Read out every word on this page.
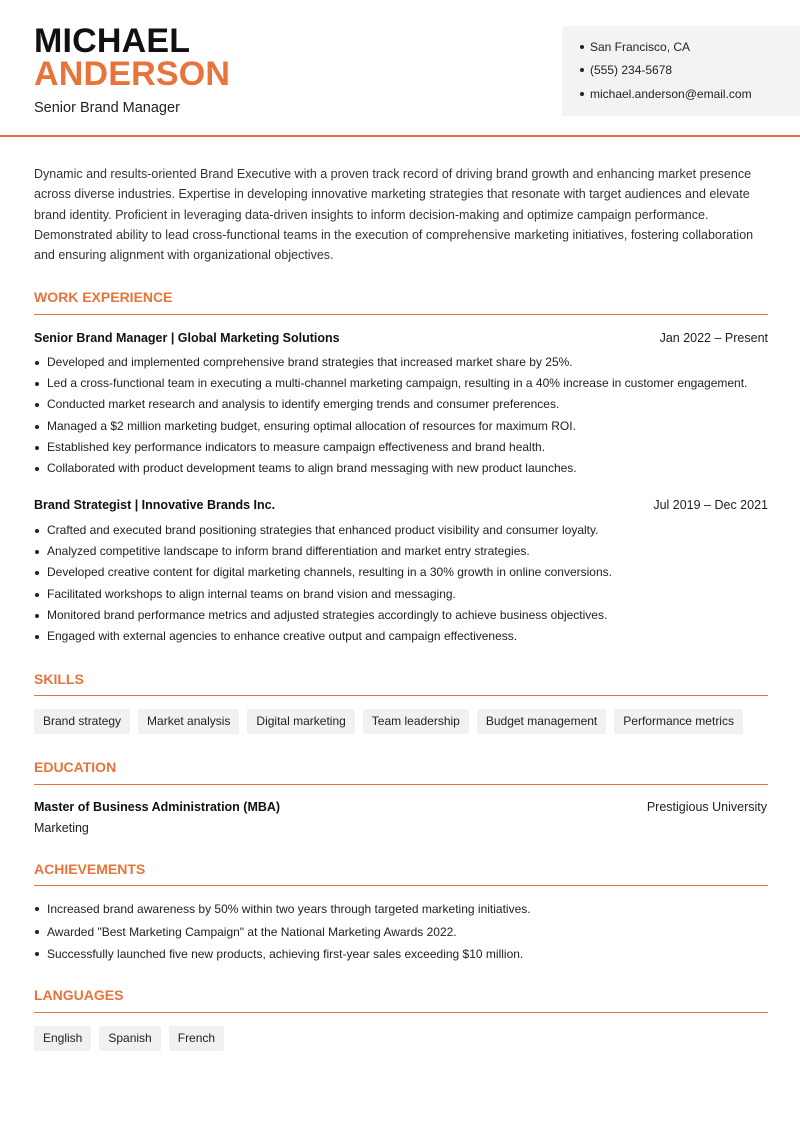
MICHAEL
ANDERSON
Senior Brand Manager
San Francisco, CA
(555) 234-5678
michael.anderson@email.com
Dynamic and results-oriented Brand Executive with a proven track record of driving brand growth and enhancing market presence across diverse industries. Expertise in developing innovative marketing strategies that resonate with target audiences and elevate brand identity. Proficient in leveraging data-driven insights to inform decision-making and optimize campaign performance. Demonstrated ability to lead cross-functional teams in the execution of comprehensive marketing initiatives, fostering collaboration and ensuring alignment with organizational objectives.
WORK EXPERIENCE
Senior Brand Manager | Global Marketing Solutions	Jan 2022 – Present
Developed and implemented comprehensive brand strategies that increased market share by 25%.
Led a cross-functional team in executing a multi-channel marketing campaign, resulting in a 40% increase in customer engagement.
Conducted market research and analysis to identify emerging trends and consumer preferences.
Managed a $2 million marketing budget, ensuring optimal allocation of resources for maximum ROI.
Established key performance indicators to measure campaign effectiveness and brand health.
Collaborated with product development teams to align brand messaging with new product launches.
Brand Strategist | Innovative Brands Inc.	Jul 2019 – Dec 2021
Crafted and executed brand positioning strategies that enhanced product visibility and consumer loyalty.
Analyzed competitive landscape to inform brand differentiation and market entry strategies.
Developed creative content for digital marketing channels, resulting in a 30% growth in online conversions.
Facilitated workshops to align internal teams on brand vision and messaging.
Monitored brand performance metrics and adjusted strategies accordingly to achieve business objectives.
Engaged with external agencies to enhance creative output and campaign effectiveness.
SKILLS
Brand strategy	Market analysis	Digital marketing	Team leadership	Budget management	Performance metrics
EDUCATION
Master of Business Administration (MBA)	Prestigious University
Marketing
ACHIEVEMENTS
Increased brand awareness by 50% within two years through targeted marketing initiatives.
Awarded "Best Marketing Campaign" at the National Marketing Awards 2022.
Successfully launched five new products, achieving first-year sales exceeding $10 million.
LANGUAGES
English	Spanish	French
